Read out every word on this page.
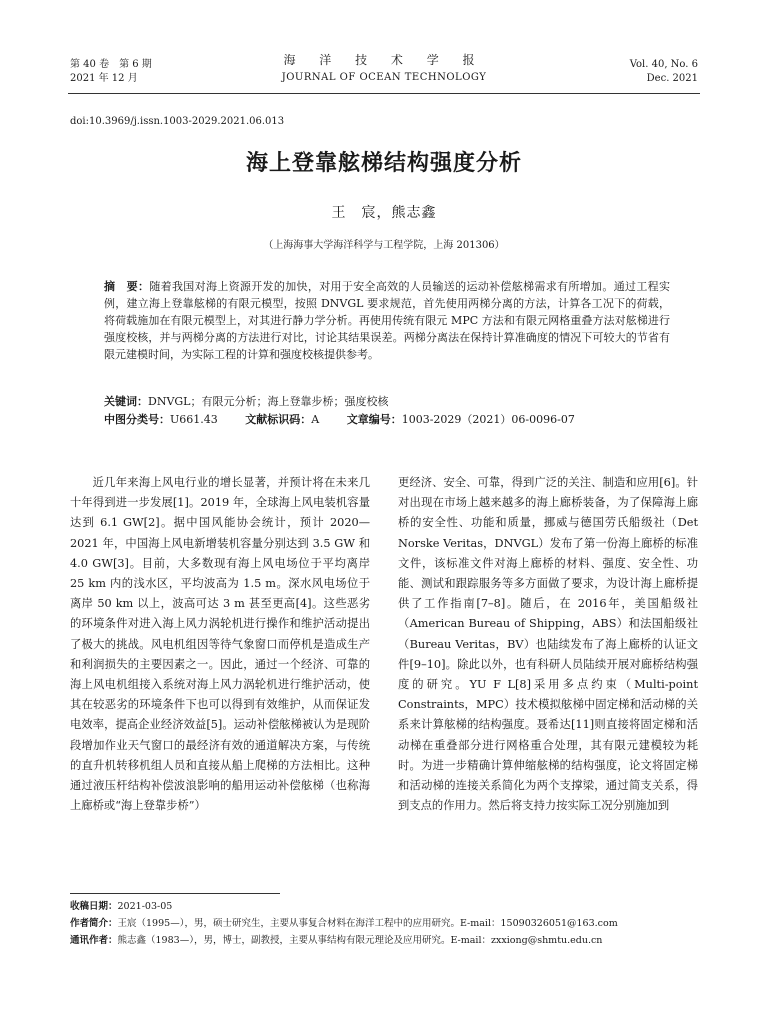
第 40 卷　第 6 期
2021 年 12 月
海 洋 技 术 学 报
JOURNAL OF OCEAN TECHNOLOGY
Vol. 40, No. 6
Dec. 2021
doi:10.3969/j.issn.1003-2029.2021.06.013
海上登靠舷梯结构强度分析
王　宸，熊志鑫
（上海海事大学海洋科学与工程学院，上海 201306）
摘　要：随着我国对海上资源开发的加快，对用于安全高效的人员输送的运动补偿舷梯需求有所增加。通过工程实例，建立海上登靠舷梯的有限元模型，按照 DNVGL 要求规范，首先使用两梯分离的方法，计算各工况下的荷载，将荷载施加在有限元模型上，对其进行静力学分析。再使用传统有限元 MPC 方法和有限元网格重叠方法对舷梯进行强度校核，并与两梯分离的方法进行对比，讨论其结果误差。两梯分离法在保持计算准确度的情况下可较大的节省有限元建模时间，为实际工程的计算和强度校核提供参考。
关键词：DNVGL；有限元分析；海上登靠步桥；强度校核
中图分类号：U661.43	文献标识码：A	文章编号：1003-2029（2021）06-0096-07

近几年来海上风电行业的增长显著，并预计将在未来几十年得到进一步发展[1]。2019 年，全球海上风电装机容量达到 6.1 GW[2]。据中国风能协会统计，预计 2020—2021 年，中国海上风电新增装机容量分别达到 3.5 GW 和 4.0 GW[3]。目前，大多数现有海上风电场位于平均离岸 25 km 内的浅水区，平均波高为 1.5 m。深水风电场位于离岸 50 km 以上，波高可达 3 m 甚至更高[4]。这些恶劣的环境条件对进入海上风力涡轮机进行操作和维护活动提出了极大的挑战。风电机组因等待气象窗口而停机是造成生产和利润损失的主要因素之一。因此，通过一个经济、可靠的海上风电机组接入系统对海上风力涡轮机进行维护活动，使其在较恶劣的环境条件下也可以得到有效维护，从而保证发电效率，提高企业经济效益[5]。运动补偿舷梯被认为是现阶段增加作业天气窗口的最经济有效的通道解决方案，与传统的直升机转移机组人员和直接从船上爬梯的方法相比。这种通过液压杆结构补偿波浪影响的船用运动补偿舷梯（也称海上廊桥或“海上登靠步桥”）

更经济、安全、可靠，得到广泛的关注、制造和应用[6]。针对出现在市场上越来越多的海上廊桥装备，为了保障海上廊桥的安全性、功能和质量，挪威与德国劳氏船级社（Det Norske Veritas，DNVGL）发布了第一份海上廊桥的标准文件，该标准文件对海上廊桥的材料、强度、安全性、功能、测试和跟踪服务等多方面做了要求，为设计海上廊桥提供了工作指南[7–8]。随后，在 2016年，美国船级社（American Bureau of Shipping，ABS）和法国船级社（Bureau Veritas，BV）也陆续发布了海上廊桥的认证文件[9–10]。除此以外，也有科研人员陆续开展对廊桥结构强度的研究。YU F L[8]采用多点约束（Multi-point Constraints，MPC）技术模拟舷梯中固定梯和活动梯的关系来计算舷梯的结构强度。聂希达[11]则直接将固定梯和活动梯在重叠部分进行网格重合处理，其有限元建模较为耗时。为进一步精确计算伸缩舷梯的结构强度，论文将固定梯和活动梯的连接关系简化为两个支撑梁，通过简支关系，得到支点的作用力。然后将支持力按实际工况分别施加到

收稿日期：2021-03-05
作者简介：王宸（1995—），男，硕士研究生，主要从事复合材料在海洋工程中的应用研究。E-mail：15090326051@163.com
通讯作者：熊志鑫（1983—），男，博士，副教授，主要从事结构有限元理论及应用研究。E-mail：zxxiong@shmtu.edu.cn
